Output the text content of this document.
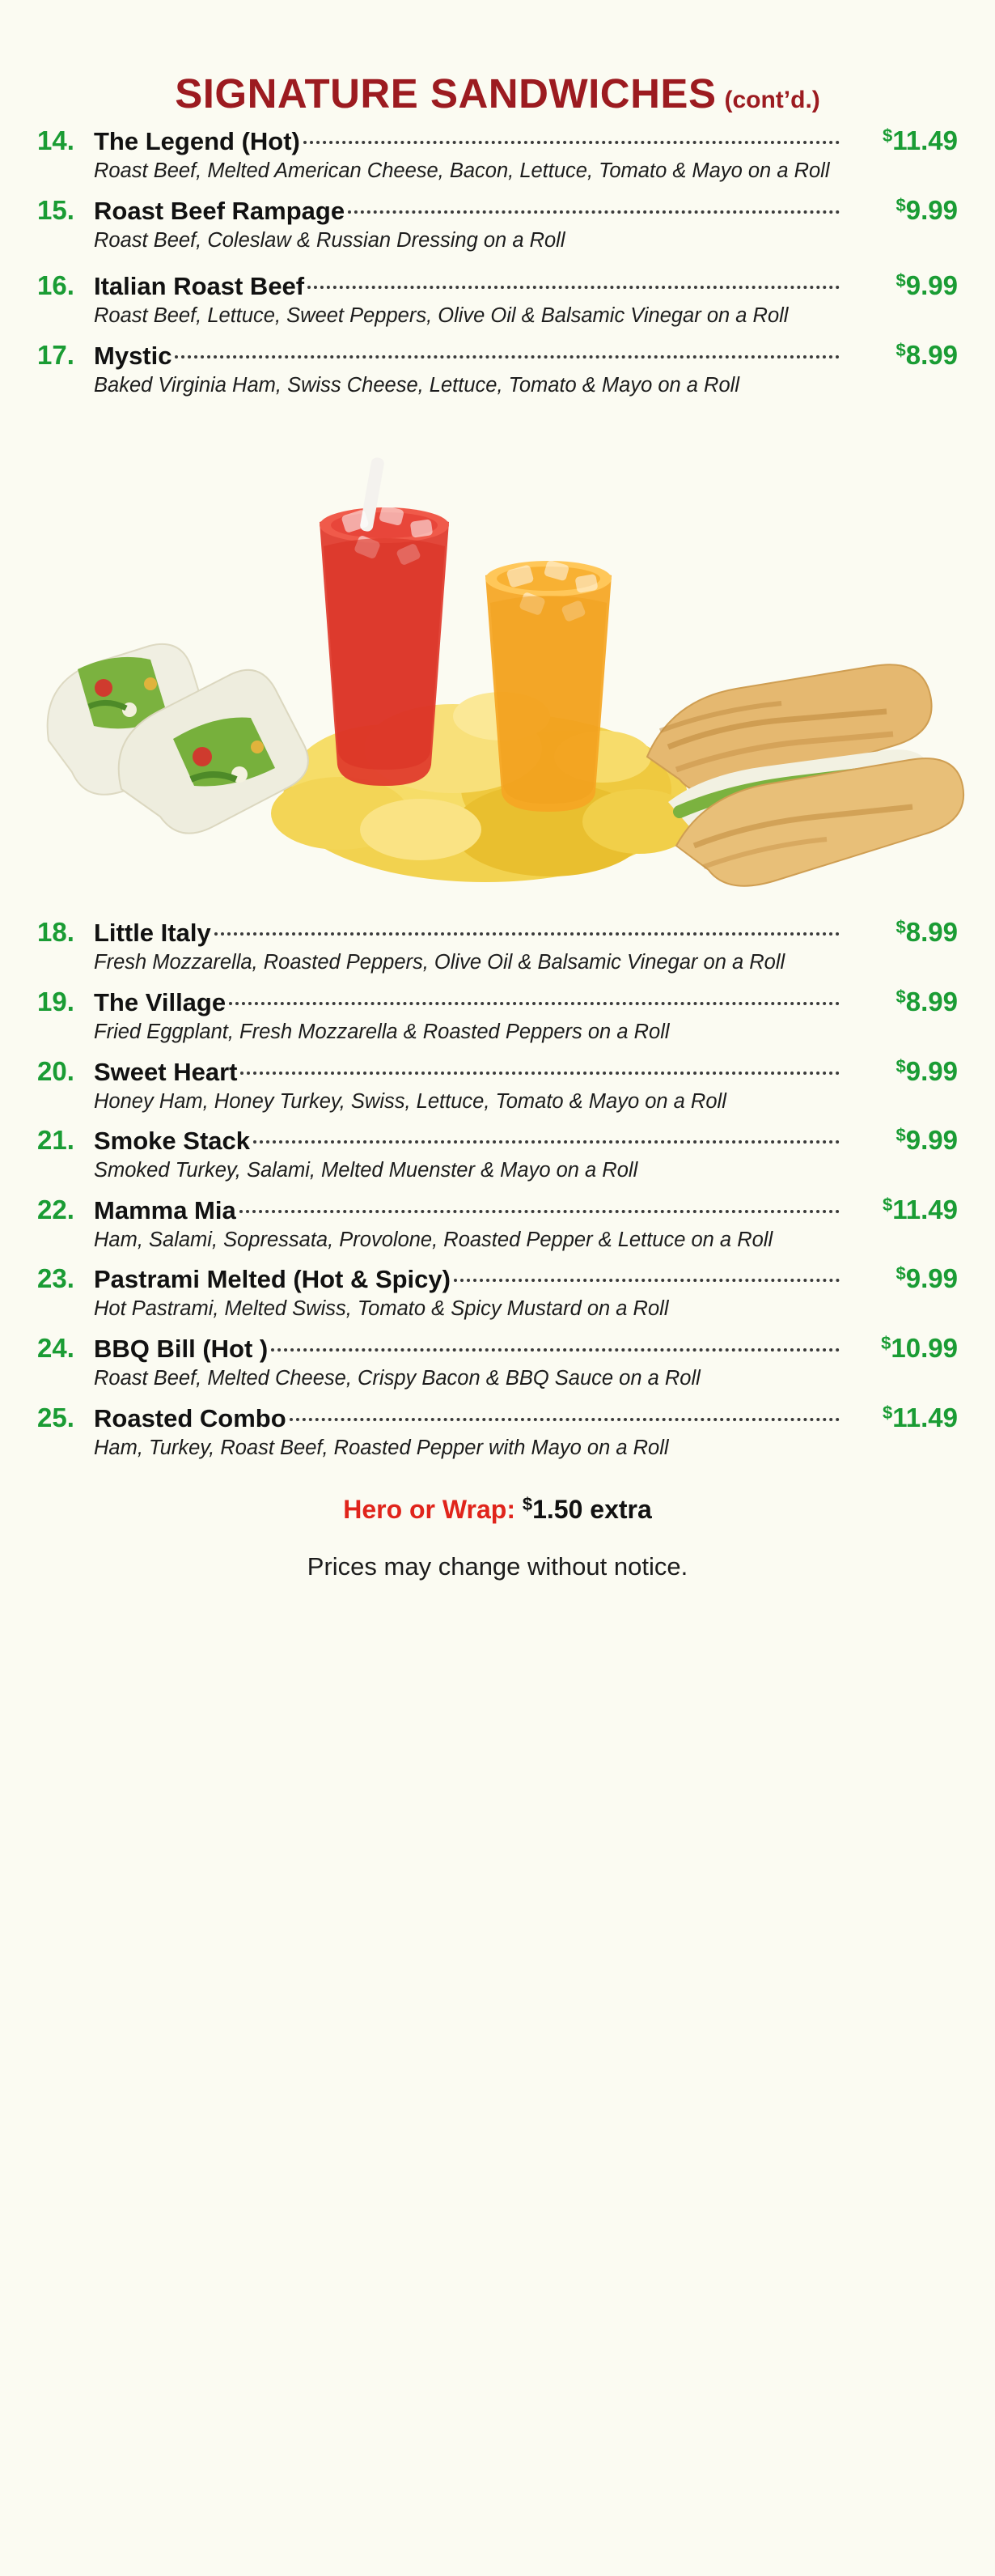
SIGNATURE SANDWICHES (cont’d.)
14. The Legend (Hot)	$11.49
Roast Beef, Melted American Cheese, Bacon, Lettuce, Tomato & Mayo on a Roll
15. Roast Beef Rampage	$9.99
Roast Beef, Coleslaw & Russian Dressing on a Roll
16. Italian Roast Beef	$9.99
Roast Beef, Lettuce, Sweet Peppers, Olive Oil & Balsamic Vinegar on a Roll
17. Mystic	$8.99
Baked Virginia Ham, Swiss Cheese, Lettuce, Tomato & Mayo on a Roll
18. Little Italy	$8.99
Fresh Mozzarella, Roasted Peppers, Olive Oil & Balsamic Vinegar on a Roll
19. The Village	$8.99
Fried Eggplant, Fresh Mozzarella & Roasted Peppers on a Roll
20. Sweet Heart	$9.99
Honey Ham, Honey Turkey, Swiss, Lettuce, Tomato & Mayo on a Roll
21. Smoke Stack	$9.99
Smoked Turkey, Salami, Melted Muenster & Mayo on a Roll
22. Mamma Mia	$11.49
Ham, Salami, Sopressata, Provolone, Roasted Pepper & Lettuce on a Roll
23. Pastrami Melted (Hot & Spicy)	$9.99
Hot Pastrami, Melted Swiss, Tomato & Spicy Mustard on a Roll
24. BBQ Bill (Hot )	$10.99
Roast Beef, Melted Cheese, Crispy Bacon & BBQ Sauce on a Roll
25. Roasted Combo	$11.49
Ham, Turkey, Roast Beef, Roasted Pepper with Mayo on a Roll
Hero or Wrap: $1.50 extra
Prices may change without notice.
